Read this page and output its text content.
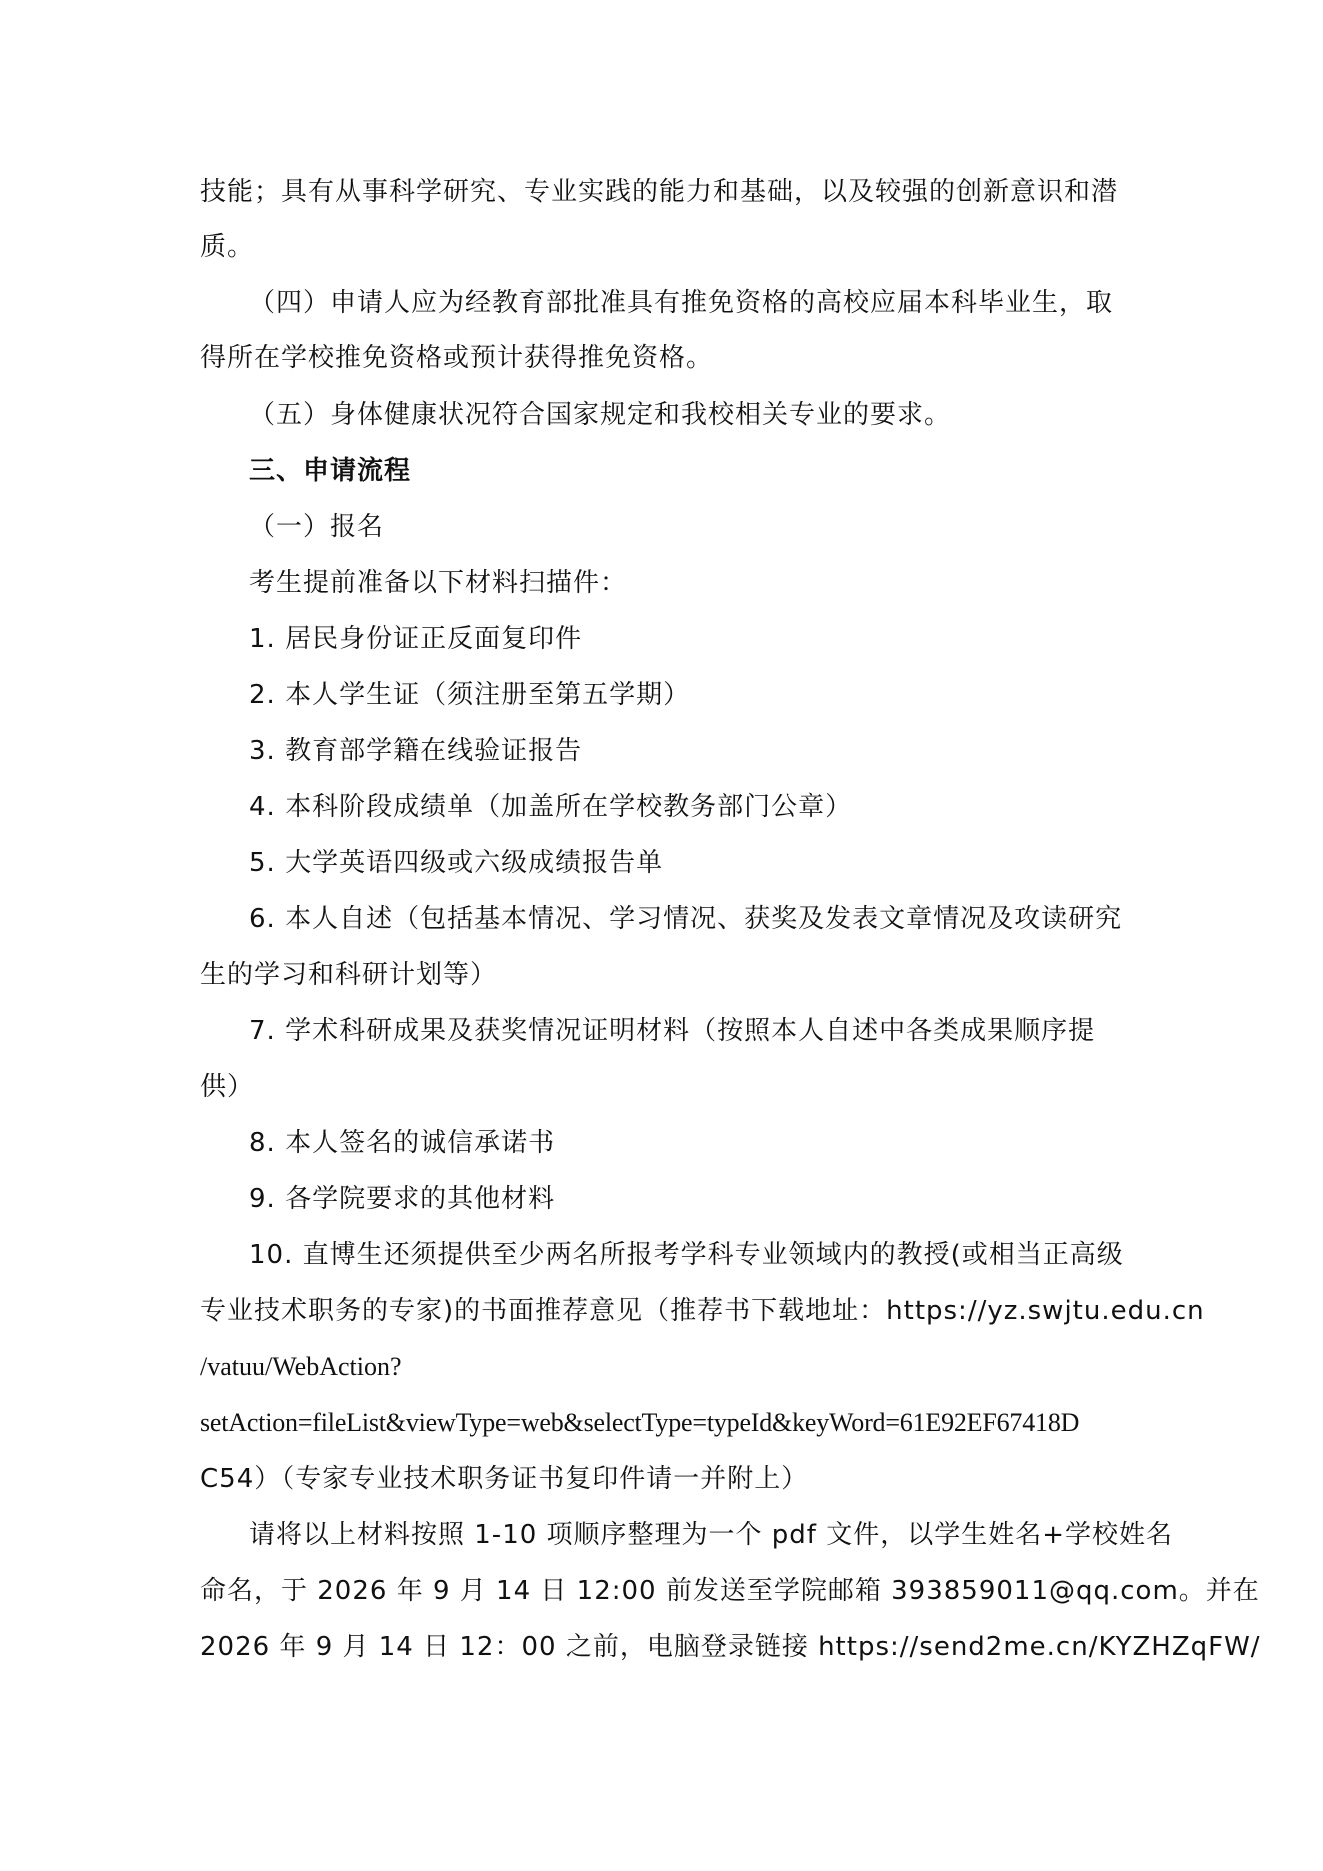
技能；具有从事科学研究、专业实践的能力和基础，以及较强的创新意识和潜
质。
（四）申请人应为经教育部批准具有推免资格的高校应届本科毕业生，取
得所在学校推免资格或预计获得推免资格。
（五）身体健康状况符合国家规定和我校相关专业的要求。
三、申请流程
（一）报名
考生提前准备以下材料扫描件：
1. 居民身份证正反面复印件
2. 本人学生证（须注册至第五学期）
3. 教育部学籍在线验证报告
4. 本科阶段成绩单（加盖所在学校教务部门公章）
5. 大学英语四级或六级成绩报告单
6. 本人自述（包括基本情况、学习情况、获奖及发表文章情况及攻读研究
生的学习和科研计划等）
7. 学术科研成果及获奖情况证明材料（按照本人自述中各类成果顺序提
供）
8. 本人签名的诚信承诺书
9. 各学院要求的其他材料
10. 直博生还须提供至少两名所报考学科专业领域内的教授(或相当正高级
专业技术职务的专家)的书面推荐意见（推荐书下载地址：https://yz.swjtu.edu.cn
/vatuu/WebAction?
setAction=fileList&viewType=web&selectType=typeId&keyWord=61E92EF67418D
C54）（专家专业技术职务证书复印件请一并附上）
请将以上材料按照 1-10 项顺序整理为一个 pdf 文件，以学生姓名+学校姓名
命名，于 2026 年 9 月 14 日 12:00 前发送至学院邮箱 393859011@qq.com。并在
2026 年 9 月 14 日 12：00 之前，电脑登录链接 https://send2me.cn/KYZHZqFW/
